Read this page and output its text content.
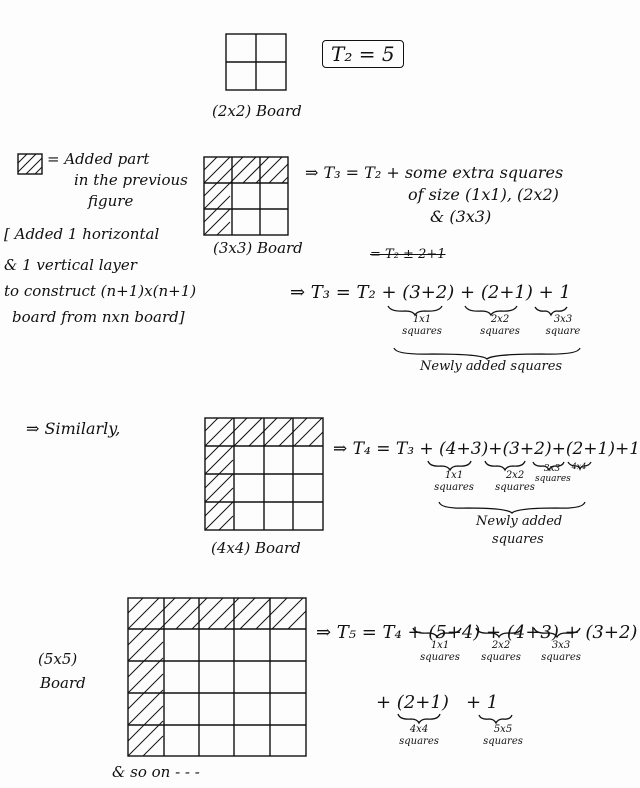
(2x2) Board
T₂ = 5
= Added part
in the previous
figure
[ Added 1 horizontal
& 1 vertical layer
to construct (n+1)x(n+1)
board from nxn board]
(3x3) Board
⇒ T₃ = T₂ + some extra squares
of size (1x1), (2x2)
& (3x3)
= T₂ ± 2+1
⇒ T₃ = T₂ + (3+2) + (2+1) + 1
1x1
squares
2x2
squares
3x3
square
Newly added squares
⇒ Similarly,
(4x4) Board
⇒ T₄ = T₃ + (4+3)+(3+2)+(2+1)+1
1x1
squares
2x2
squares
3x3
squares
4x4
Newly added
squares
(5x5)
Board
⇒ T₅ = T₄ + (5+4) + (4+3) + (3+2)
1x1
squares
2x2
squares
3x3
squares
+ (2+1)   + 1
4x4
squares
5x5
squares
& so on - - -
